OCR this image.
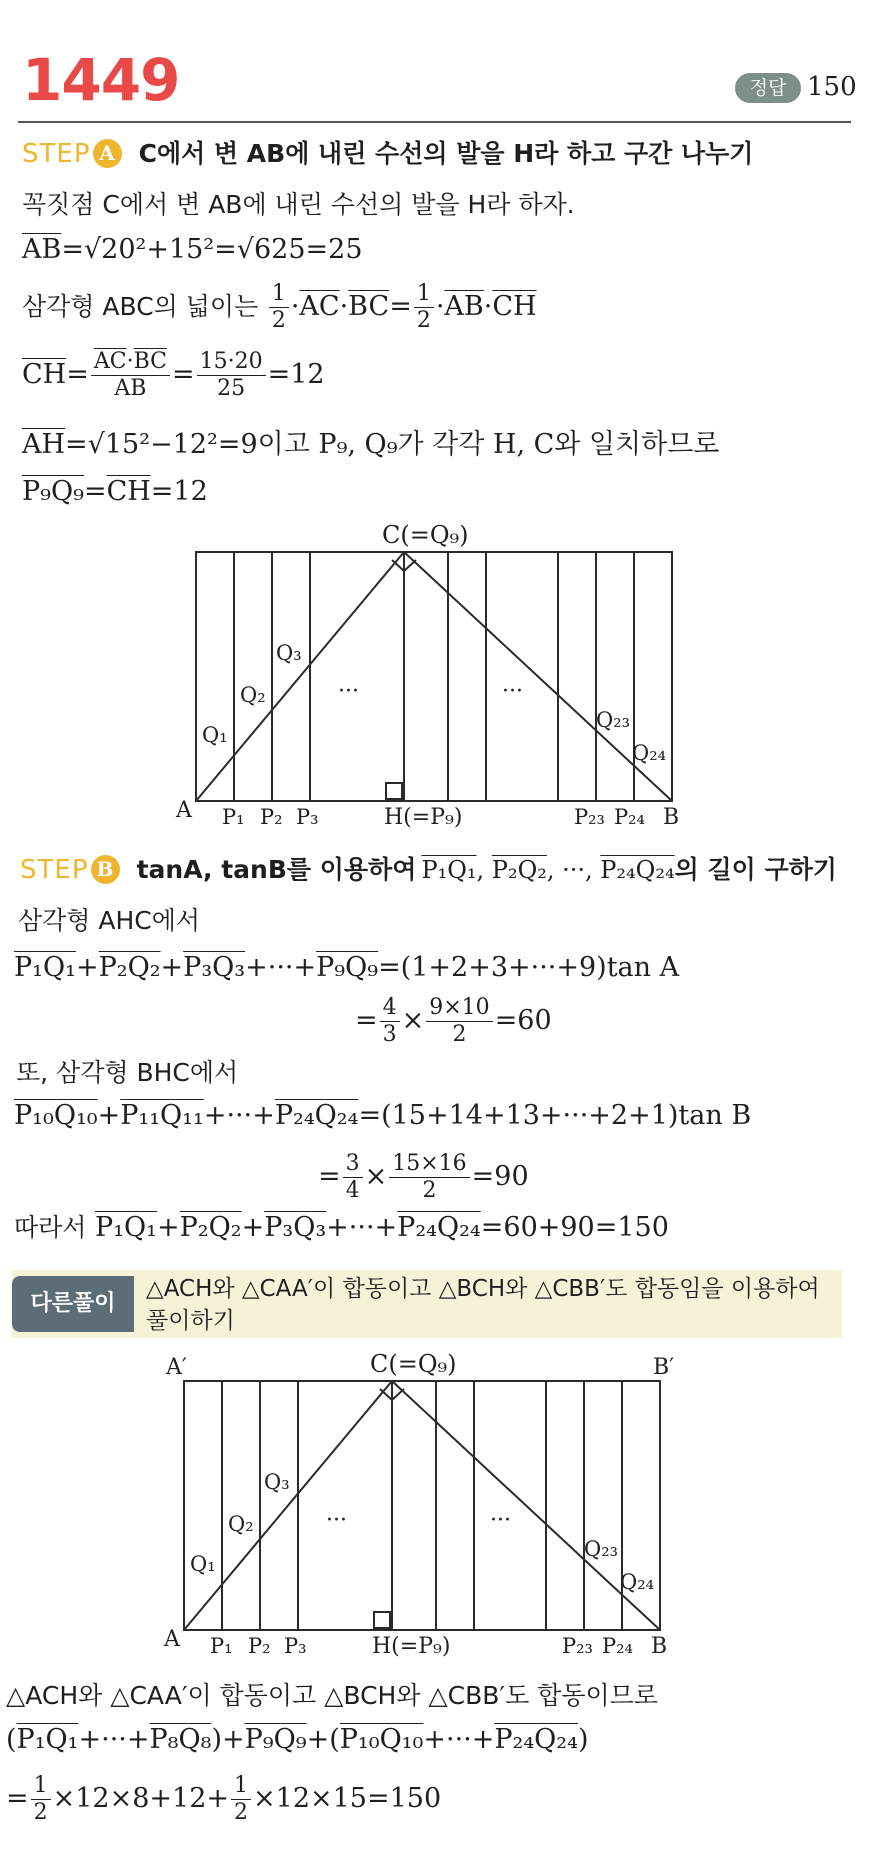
1449	정답 150
STEP A C에서 변 AB에 내린 수선의 발을 H라 하고 구간 나누기
꼭짓점 C에서 변 AB에 내린 수선의 발을 H라 하자.
$\overline{AB}=√20^2+15^2=√625=25$
삼각형 ABC의 넓이는 $\frac{1}{2} \cdot\overline{AC}\cdot\overline{BC}= \frac{1}{2} \cdot\overline{AB}\cdot\overline{CH}$
$\overline{CH}= \frac{\overline{AC}\cdot\overline{BC}}{AB} = \frac{15\cdot 20}{25} =12$
$\overline{AH}=√15^2-12^2=9$이고 P₉, Q₉가 각각 H, C와 일치하므로
$P_9Q_9=\overline{CH}=12$
C(=Q₉)
A	B
H(=P₉)
P₁ P₂ P₃	P₂₃ P₂₄
Q₁
Q₂
Q₃
Q₂₃
Q₂₄
···	···
STEP B tanA, tanB를 이용하여 P₁Q₁, P₂Q₂, ···, P₂₄Q₂₄의 길이 구하기
삼각형 AHC에서
P₁Q₁+P₂Q₂+P₃Q₃+···+P₉Q₉=(1+2+3+···+9)tan A
= $\frac{4}{3} \times \frac{9\times 10}{2} =60$
또, 삼각형 BHC에서
P₁₀Q₁₀+P₁₁Q₁₁+···+P₂₄Q₂₄=(15+14+13+···+2+1)tan B
= $\frac{3}{4} \times \frac{15\times 16}{2} =90$
따라서 P₁Q₁+P₂Q₂+P₃Q₃+···+P₂₄Q₂₄=60+90=150
다른풀이
△ACH와 △CAA′이 합동이고 △BCH와 △CBB′도 합동임을 이용하여 풀이하기
C(=Q₉)
A′	B′
A	B
H(=P₉)
P₁ P₂ P₃	P₂₃ P₂₄
Q₁
Q₂
Q₃
Q₂₃
Q₂₄
···	···
△ACH와 △CAA′이 합동이고 △BCH와 △CBB′도 합동이므로
(P₁Q₁+···+P₈Q₈)+P₉Q₉+(P₁₀Q₁₀+···+P₂₄Q₂₄)
= $\frac{1}{2} \times 12\times 8+12+ \frac{1}{2} \times 12\times 15=150$
